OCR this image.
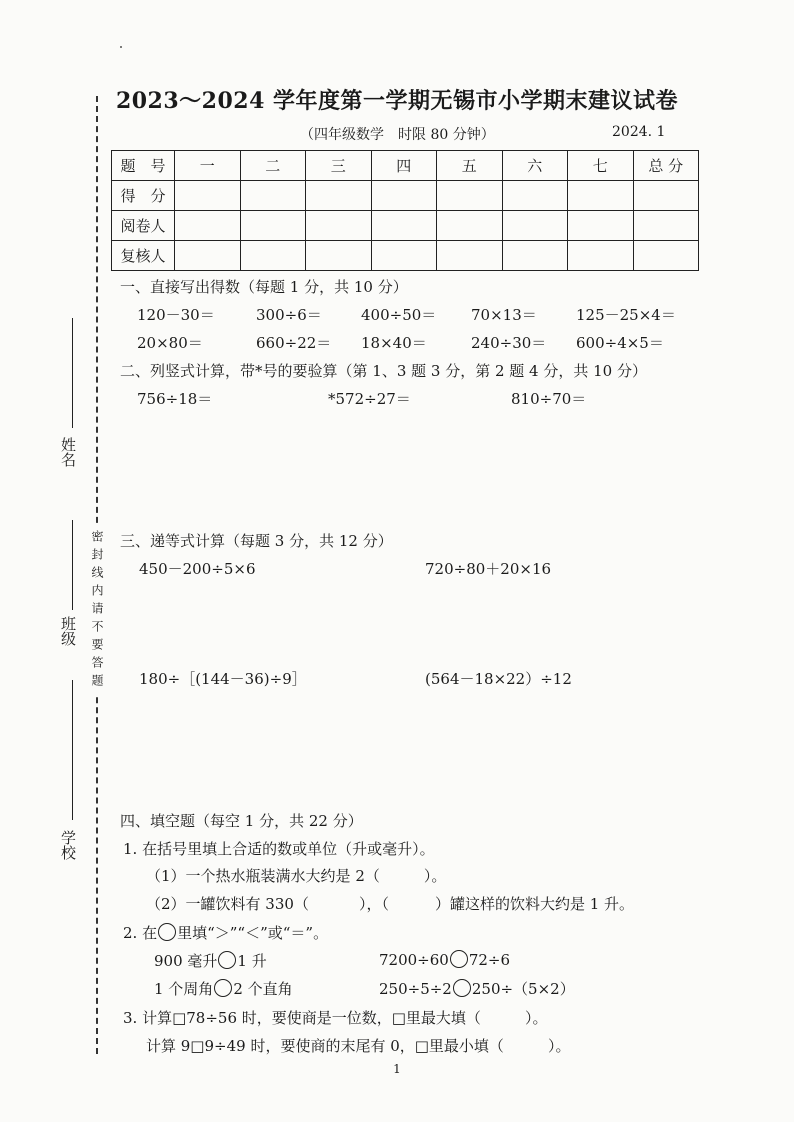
密封线内请不要答题
姓名
班级
学校
2023～2024 学年度第一学期无锡市小学期末建议试卷
（四年级数学　时限 80 分钟）	2024. 1
题　号	一	二	三	四	五	六	七	总 分
得　分								
阅卷人								
复核人								
一、直接写出得数（每题 1 分，共 10 分）
120－30＝	300÷6＝	400÷50＝ 70×13＝	125－25×4＝
20×80＝	660÷22＝ 18×40＝	240÷30＝ 600÷4×5＝
二、列竖式计算，带*号的要验算（第 1、3 题 3 分，第 2 题 4 分，共 10 分）
756÷18＝	*572÷27＝	810÷70＝
三、递等式计算（每题 3 分，共 12 分）
450－200÷5×6	720÷80＋20×16
180÷［(144－36)÷9］	(564－18×22）÷12
四、填空题（每空 1 分，共 22 分）
1. 在括号里填上合适的数或单位（升或毫升）。
（1）一个热水瓶装满水大约是 2（	）。
（2）一罐饮料有 330（	），（	）罐这样的饮料大约是 1 升。
2. 在 里填“＞”“＜”或“＝”。
900 毫升 1 升	7200÷60 72÷6
1 个周角 2 个直角	250÷5÷2 250÷（5×2）
3. 计算□78÷56 时，要使商是一位数，□里最大填（	）。
计算 9□9÷49 时，要使商的末尾有 0，□里最小填（	）。
1
